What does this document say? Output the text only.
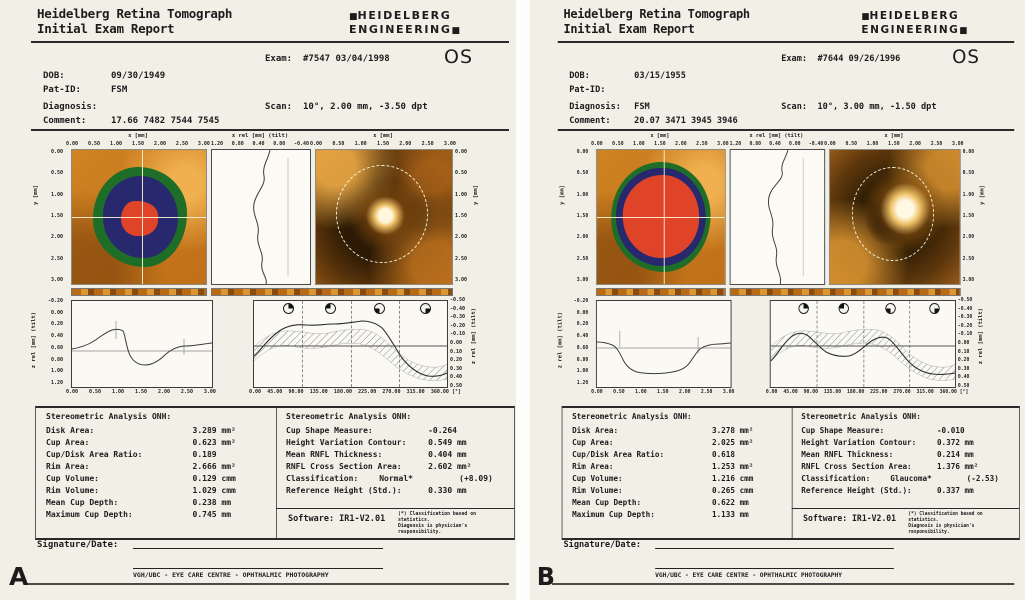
Heidelberg Retina Tomograph
Initial Exam Report
■HEIDELBERG
ENGINEERING■
OS
Exam: #7547 03/04/1998
DOB:	09/30/1949
Pat-ID:	FSM
Diagnosis:	Scan: 10°, 2.00 mm, -3.50 dpt
Comment:	17.66 7482 7544 7545
x [mm]
0.00 0.50 1.00 1.50 2.00 2.50 3.00
y [mm]
0.00
0.50
1.00
1.50
2.00
2.50
3.00
x rel [mm] (tilt)
1.20 0.80 0.40 0.00 -0.40
x [mm]
0.00 0.50 1.00 1.50 2.00 2.50 3.00
0.00
0.50
1.00
1.50
2.00
2.50
3.00
y [mm]
z rel [mm] (tilt)
-0.20
0.00
0.20
0.40
0.60
0.80
1.00
1.20
0.00 0.50 1.00 1.50 2.00 2.50 3.00
-0.50
-0.40
-0.30
-0.20
-0.10
0.00
0.10
0.20
0.30
0.40
0.50
z rel [mm] (tilt)
0.00 45.00 90.00 135.00 180.00 225.00 270.00 315.00 360.00 [°]
Stereometric Analysis ONH:
Disk Area:	3.289 mm²
Cup Area:	0.623 mm²
Cup/Disk Area Ratio:	0.189
Rim Area:	2.666 mm²
Cup Volume:	0.129 cmm
Rim Volume:	1.029 cmm
Mean Cup Depth:	0.238 mm
Maximum Cup Depth:	0.745 mm
Stereometric Analysis ONH:
Cup Shape Measure:	-0.264
Height Variation Contour:	0.549 mm
Mean RNFL Thickness:	0.404 mm
RNFL Cross Section Area:	2.602 mm²
Classification:	Normal*	(+8.09)
Reference Height (Std.):	0.330 mm
Software: IR1-V2.01	(*) Classification based on statistics.
Diagnosis is physician's responsibility.
Signature/Date:
VGH/UBC - EYE CARE CENTRE - OPHTHALMIC PHOTOGRAPHY
A
Heidelberg Retina Tomograph
Initial Exam Report
■HEIDELBERG
ENGINEERING■
OS
Exam: #7644 09/26/1996
DOB:	03/15/1955
Pat-ID:
Diagnosis: FSM	Scan: 10°, 3.00 mm, -1.50 dpt
Comment:	20.07 3471 3945 3946
x [mm]
0.00 0.50 1.00 1.50 2.00 2.50 3.00
y [mm]
0.00
0.50
1.00
1.50
2.00
2.50
3.00
x rel [mm] (tilt)
1.20 0.80 0.40 0.00 -0.40
x [mm]
0.00 0.50 1.00 1.50 2.00 2.50 3.00
0.00
0.50
1.00
1.50
2.00
2.50
3.00
y [mm]
z rel [mm] (tilt)
-0.20
0.00
0.20
0.40
0.60
0.80
1.00
1.20
0.00 0.50 1.00 1.50 2.00 2.50 3.00
-0.50
-0.40
-0.30
-0.20
-0.10
0.00
0.10
0.20
0.30
0.40
0.50
z rel [mm] (tilt)
0.00 45.00 90.00 135.00 180.00 225.00 270.00 315.00 360.00 [°]
Stereometric Analysis ONH:
Disk Area:	3.278 mm²
Cup Area:	2.025 mm²
Cup/Disk Area Ratio:	0.618
Rim Area:	1.253 mm²
Cup Volume:	1.216 cmm
Rim Volume:	0.265 cmm
Mean Cup Depth:	0.622 mm
Maximum Cup Depth:	1.133 mm
Stereometric Analysis ONH:
Cup Shape Measure:	-0.010
Height Variation Contour:	0.372 mm
Mean RNFL Thickness:	0.214 mm
RNFL Cross Section Area:	1.376 mm²
Classification:	Glaucoma*	(-2.53)
Reference Height (Std.):	0.337 mm
Software: IR1-V2.01	(*) Classification based on statistics.
Diagnosis is physician's responsibility.
Signature/Date:
VGH/UBC - EYE CARE CENTRE - OPHTHALMIC PHOTOGRAPHY
B
